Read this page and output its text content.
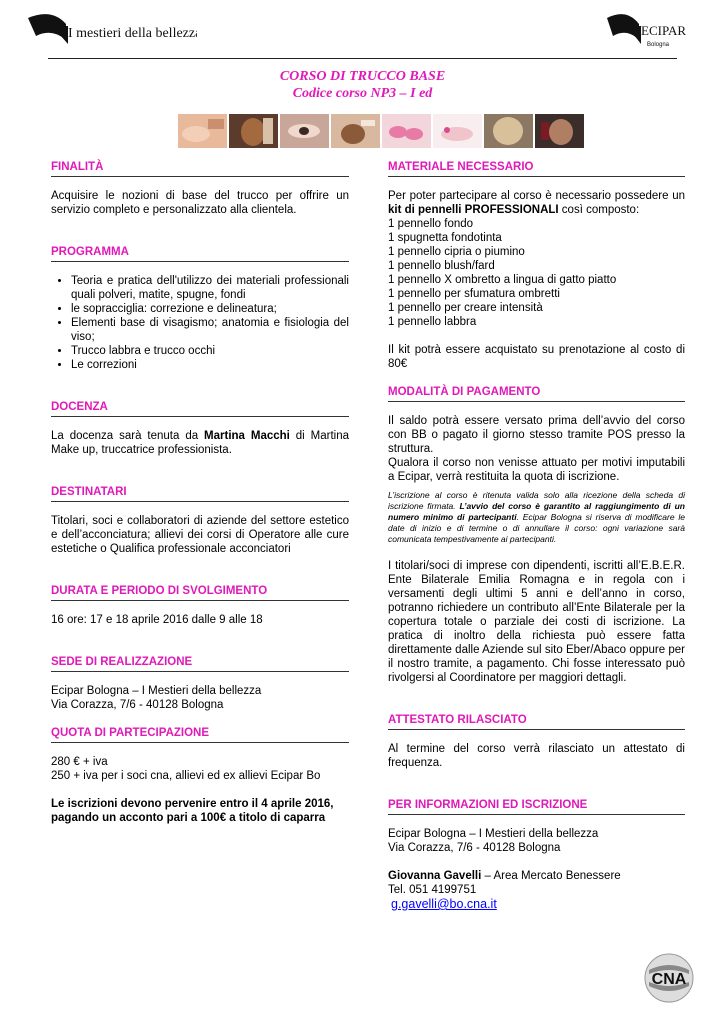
I mestieri della bellezza	ECIPAR
Bologna
CORSO DI TRUCCO BASE
Codice corso NP3 – I ed
FINALITÀ

Acquisire le nozioni di base del trucco per offrire un servizio completo e personalizzato alla clientela.

PROGRAMMA
• Teoria e pratica dell'utilizzo dei materiali professionali quali polveri, matite, spugne, fondi
• le sopracciglia: correzione e delineatura;
• Elementi base di visagismo; anatomia e fisiologia del viso;
• Trucco labbra e trucco occhi
• Le correzioni
DOCENZA

La docenza sarà tenuta da Martina Macchi di Martina Make up, truccatrice professionista.

DESTINATARI

Titolari, soci e collaboratori di aziende del settore estetico e dell’acconciatura; allievi dei corsi di Operatore alle cure estetiche o Qualifica professionale acconciatori

DURATA E PERIODO DI SVOLGIMENTO

16 ore: 17 e 18 aprile 2016 dalle 9 alle 18

SEDE DI REALIZZAZIONE

Ecipar Bologna – I Mestieri della bellezza

Via Corazza, 7/6 - 40128 Bologna

QUOTA DI PARTECIPAZIONE

280 € + iva

250 + iva per i soci cna, allievi ed ex allievi Ecipar Bo

Le iscrizioni devono pervenire entro il 4 aprile 2016, pagando un acconto pari a 100€ a titolo di caparra

MATERIALE NECESSARIO

Per poter partecipare al corso è necessario possedere un kit di pennelli PROFESSIONALI così composto:

1 pennello fondo

1 spugnetta fondotinta

1 pennello cipria o piumino

1 pennello blush/fard

1 pennello X ombretto a lingua di gatto piatto

1 pennello per sfumatura ombretti

1 pennello per creare intensità

1 pennello labbra

Il kit potrà essere acquistato su prenotazione al costo di 80€

MODALITÀ DI PAGAMENTO

Il saldo potrà essere versato prima dell’avvio del corso con BB o pagato il giorno stesso tramite POS presso la struttura.

Qualora il corso non venisse attuato per motivi imputabili a Ecipar, verrà restituita la quota di iscrizione.

L’iscrizione al corso è ritenuta valida solo alla ricezione della scheda di iscrizione firmata. L’avvio del corso è garantito al raggiungimento di un numero minimo di partecipanti. Ecipar Bologna si riserva di modificare le date di inizio e di termine o di annullare il corso: ogni variazione sarà comunicata tempestivamente ai partecipanti.

I titolari/soci di imprese con dipendenti, iscritti all’E.B.E.R. Ente Bilaterale Emilia Romagna e in regola con i versamenti degli ultimi 5 anni e dell’anno in corso, potranno richiedere un contributo all’Ente Bilaterale per la copertura totale o parziale dei costi di iscrizione. La pratica di inoltro della richiesta può essere fatta direttamente dalle Aziende sul sito Eber/Abaco oppure per il nostro tramite, a pagamento. Chi fosse interessato può rivolgersi al Coordinatore per maggiori dettagli.

ATTESTATO RILASCIATO

Al termine del corso verrà rilasciato un attestato di frequenza.

PER INFORMAZIONI ED ISCRIZIONE

Ecipar Bologna – I Mestieri della bellezza

Via Corazza, 7/6 - 40128 Bologna

Giovanna Gavelli – Area Mercato Benessere

Tel. 051 4199751

g.gavelli@bo.cna.it

CNA
